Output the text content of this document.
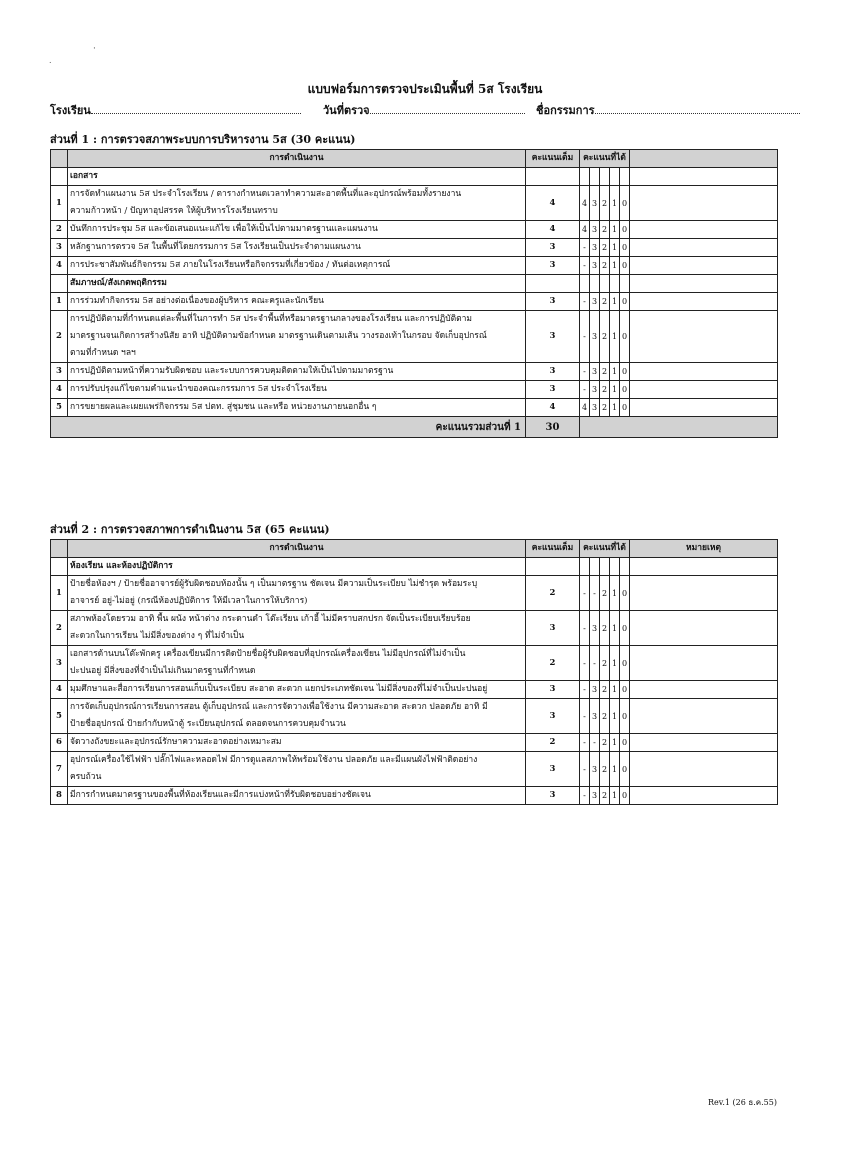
·
˙
แบบฟอร์มการตรวจประเมินพื้นที่ 5ส โรงเรียน
โรงเรียน	วันที่ตรวจ	ชื่อกรรมการ
ส่วนที่ 1 : การตรวจสภาพระบบการบริหารงาน 5ส (30 คะแนน)
	การดำเนินงาน	คะแนนเต็ม	คะแนนที่ได้					
	เอกสาร							
1	การจัดทำแผนงาน 5ส ประจำโรงเรียน / ตารางกำหนดเวลาทำความสะอาดพื้นที่และอุปกรณ์พร้อมทั้งรายงาน
ความก้าวหน้า / ปัญหาอุปสรรค ให้ผู้บริหารโรงเรียนทราบ	4	4	3	2	1	0	
2	บันทึกการประชุม 5ส และข้อเสนอแนะแก้ไข เพื่อให้เป็นไปตามมาตรฐานและแผนงาน	4	4	3	2	1	0	
3	หลักฐานการตรวจ 5ส ในพื้นที่โดยกรรมการ 5ส โรงเรียนเป็นประจำตามแผนงาน	3	-	3	2	1	0	
4	การประชาสัมพันธ์กิจกรรม 5ส ภายในโรงเรียนหรือกิจกรรมที่เกี่ยวข้อง / ทันต่อเหตุการณ์	3	-	3	2	1	0	
	สัมภาษณ์/สังเกตพฤติกรรม							
1	การร่วมทำกิจกรรม 5ส อย่างต่อเนื่องของผู้บริหาร คณะครูและนักเรียน	3	-	3	2	1	0	
2	การปฏิบัติตามที่กำหนดแต่ละพื้นที่ในการทำ 5ส ประจำพื้นที่หรือมาตรฐานกลางของโรงเรียน และการปฏิบัติตาม
มาตรฐานจนเกิดการสร้างนิสัย อาทิ ปฏิบัติตามข้อกำหนด มาตรฐานเดินตามเส้น วางรองเท้าในกรอบ จัดเก็บอุปกรณ์
ตามที่กำหนด ฯลฯ	3	-	3	2	1	0	
3	การปฏิบัติตามหน้าที่ความรับผิดชอบ และระบบการควบคุมติดตามให้เป็นไปตามมาตรฐาน	3	-	3	2	1	0	
4	การปรับปรุงแก้ไขตามคำแนะนำของคณะกรรมการ 5ส ประจำโรงเรียน	3	-	3	2	1	0	
5	การขยายผลและเผยแพร่กิจกรรม 5ส ปตท. สู่ชุมชน และหรือ หน่วยงานภายนอกอื่น ๆ	4	4	3	2	1	0	
คะแนนรวมส่วนที่ 1		30						
ส่วนที่ 2 : การตรวจสภาพการดำเนินงาน 5ส (65 คะแนน)
	การดำเนินงาน	คะแนนเต็ม	คะแนนที่ได้					หมายเหตุ
	ห้องเรียน และห้องปฏิบัติการ							
1	ป้ายชื่อห้องฯ / ป้ายชื่ออาจารย์ผู้รับผิดชอบห้องนั้น ๆ เป็นมาตรฐาน ชัดเจน มีความเป็นระเบียบ ไม่ชำรุด พร้อมระบุ
อาจารย์ อยู่-ไม่อยู่ (กรณีห้องปฏิบัติการ ให้มีเวลาในการให้บริการ)	2	-	-	2	1	0	
2	สภาพห้องโดยรวม อาทิ พื้น ผนัง หน้าต่าง กระดานดำ โต๊ะเรียน เก้าอี้ ไม่มีคราบสกปรก จัดเป็นระเบียบเรียบร้อย
สะดวกในการเรียน ไม่มีสิ่งของต่าง ๆ ที่ไม่จำเป็น	3	-	3	2	1	0	
3	เอกสารด้านบนโต๊ะพักครู เครื่องเขียนมีการติดป้ายชื่อผู้รับผิดชอบที่อุปกรณ์เครื่องเขียน ไม่มีอุปกรณ์ที่ไม่จำเป็น
ปะปนอยู่ มีสิ่งของที่จำเป็นไม่เกินมาตรฐานที่กำหนด	2	-	-	2	1	0	
4	มุมศึกษาและสื่อการเรียนการสอนเก็บเป็นระเบียบ สะอาด สะดวก แยกประเภทชัดเจน ไม่มีสิ่งของที่ไม่จำเป็นปะปนอยู่	3	-	3	2	1	0	
5	การจัดเก็บอุปกรณ์การเรียนการสอน ตู้เก็บอุปกรณ์ และการจัดวางเพื่อใช้งาน มีความสะอาด สะดวก ปลอดภัย อาทิ มี
ป้ายชื่ออุปกรณ์ ป้ายกำกับหน้าตู้ ระเบียนอุปกรณ์ ตลอดจนการควบคุมจำนวน	3	-	3	2	1	0	
6	จัดวางถังขยะและอุปกรณ์รักษาความสะอาดอย่างเหมาะสม	2	-	-	2	1	0	
7	อุปกรณ์เครื่องใช้ไฟฟ้า ปลั๊กไฟและหลอดไฟ มีการดูแลสภาพให้พร้อมใช้งาน ปลอดภัย และมีแผนผังไฟฟ้าติดอย่าง
ครบถ้วน	3	-	3	2	1	0	
8	มีการกำหนดมาตรฐานของพื้นที่ห้องเรียนและมีการแบ่งหน้าที่รับผิดชอบอย่างชัดเจน	3	-	3	2	1	0	
Rev.1 (26 ธ.ค.55)
